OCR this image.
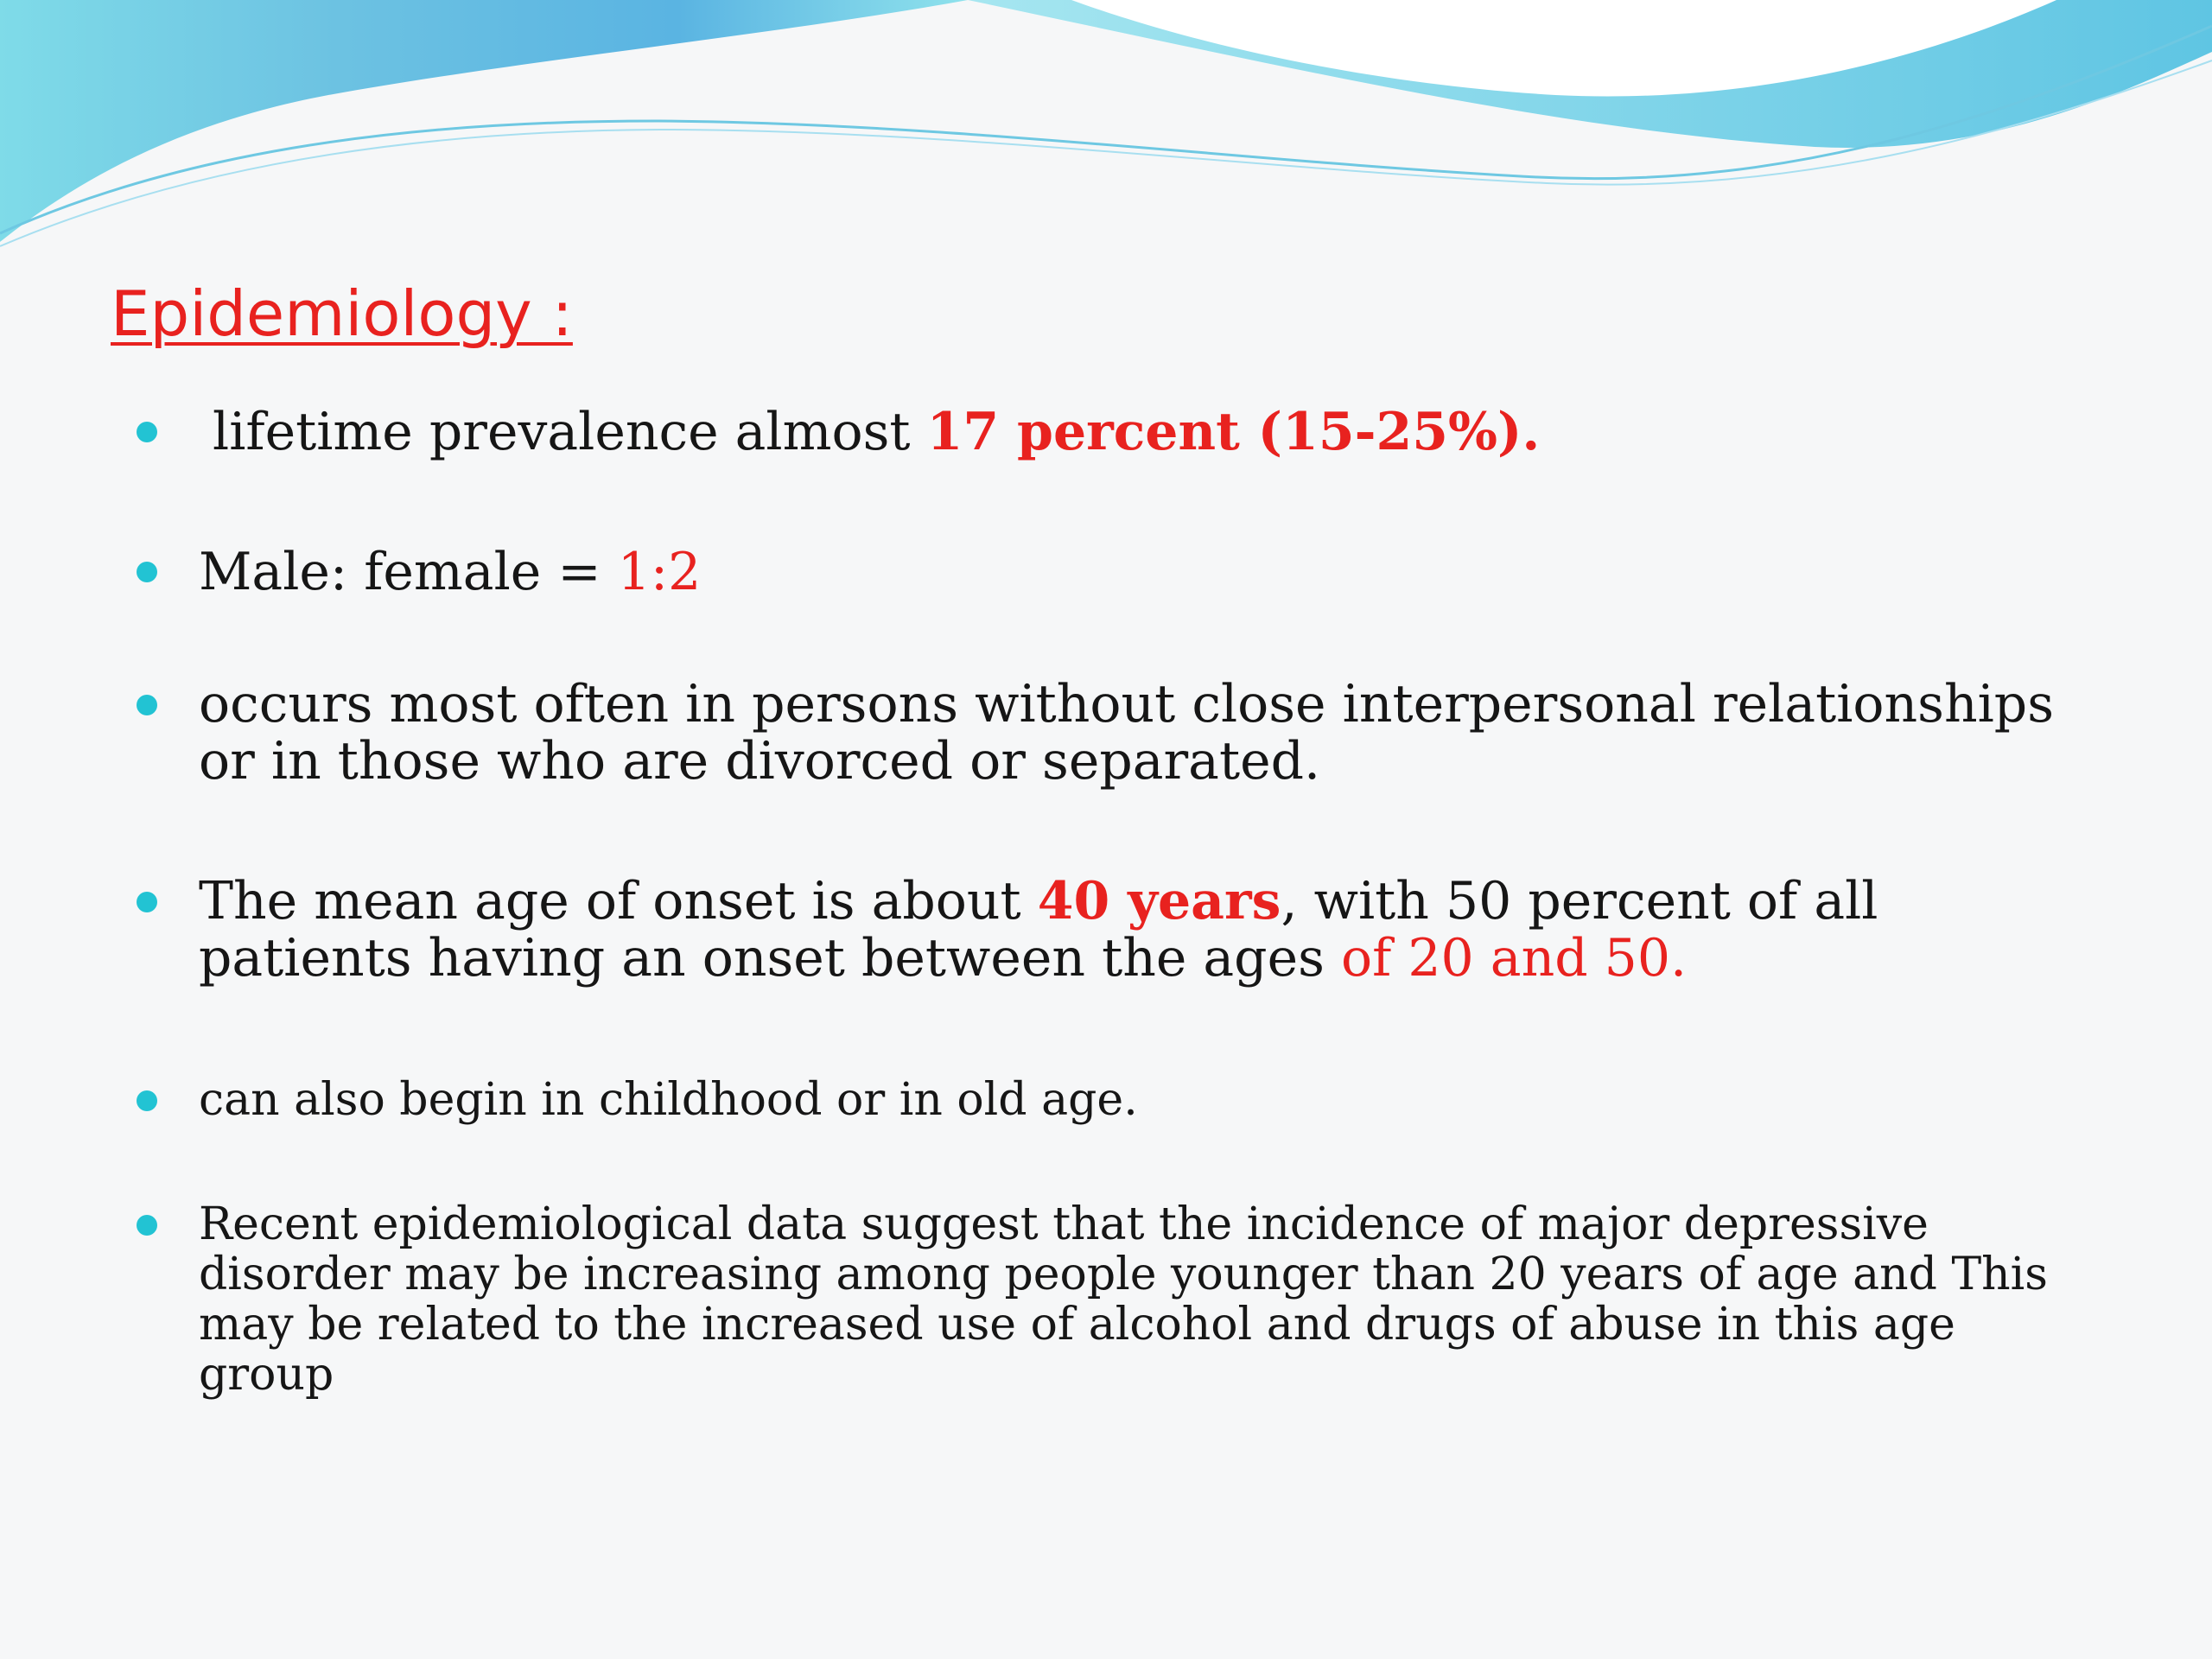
Epidemiology :

lifetime prevalence almost 17 percent (15-25%).

Male: female = 1:2

occurs most often in persons without close interpersonal relationships or in those who are divorced or separated.

The mean age of onset is about 40 years, with 50 percent of all patients having an onset between the ages of 20 and 50.

can also begin in childhood or in old age.

Recent epidemiological data suggest that the incidence of major depressive disorder may be increasing among people younger than 20 years of age and This may be related to the increased use of alcohol and drugs of abuse in this age group
